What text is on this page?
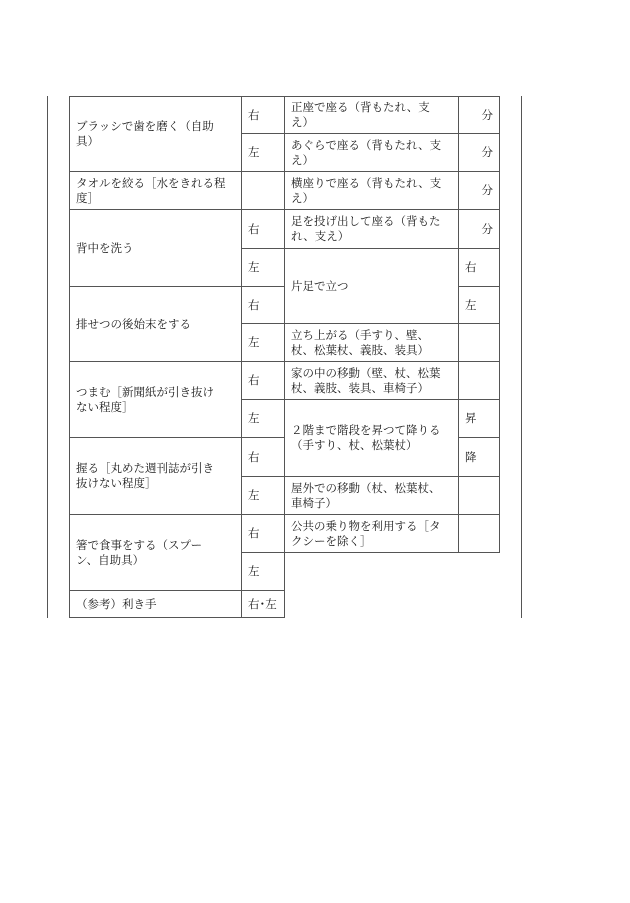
ブラッシで歯を磨く（自助
具）
右
左
タオルを絞る［水をきれる程
度］
背中を洗う
右
左
排せつの後始末をする
右
左
つまむ［新聞紙が引き抜け
ない程度］
右
左
握る［丸めた週刊誌が引き
抜けない程度］
右
左
箸で食事をする（スプー
ン、自助具）
右
左
（参考）利き手	右･左
正座で座る（背もたれ、支
え）
分
あぐらで座る（背もたれ、支
え）
分
横座りで座る（背もたれ、支
え）
分
足を投げ出して座る（背もた
れ、支え）
分
片足で立つ
右
左
立ち上がる（手すり、壁、
杖、松葉杖、義肢、装具）
家の中の移動（壁、杖、松葉
杖、義肢、装具、車椅子）
２階まで階段を昇つて降りる
（手すり、杖、松葉杖）
昇
降
屋外での移動（杖、松葉杖、
車椅子）
公共の乗り物を利用する［タ
クシーを除く］
